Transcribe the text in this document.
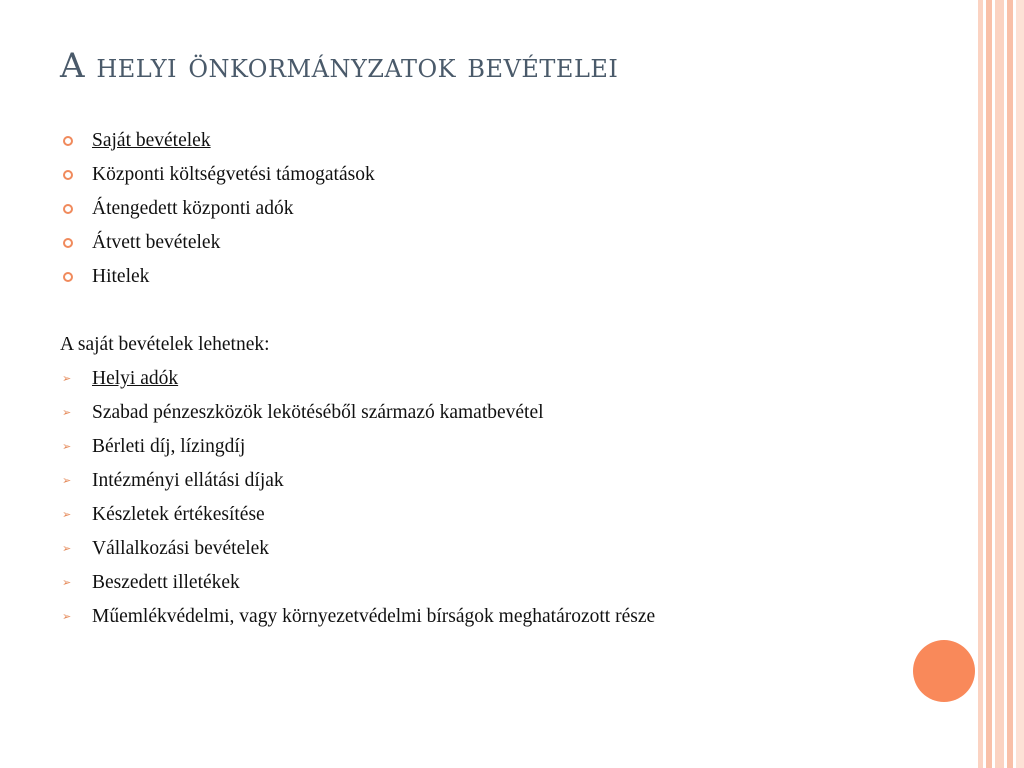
A helyi önkormányzatok bevételei
Saját bevételek
Központi költségvetési támogatások
Átengedett központi adók
Átvett bevételek
Hitelek
A saját bevételek lehetnek:
➢ Helyi adók
➢ Szabad pénzeszközök lekötéséből származó kamatbevétel
➢ Bérleti díj, lízingdíj
➢ Intézményi ellátási díjak
➢ Készletek értékesítése
➢ Vállalkozási bevételek
➢ Beszedett illetékek
➢ Műemlékvédelmi, vagy környezetvédelmi bírságok meghatározott része
